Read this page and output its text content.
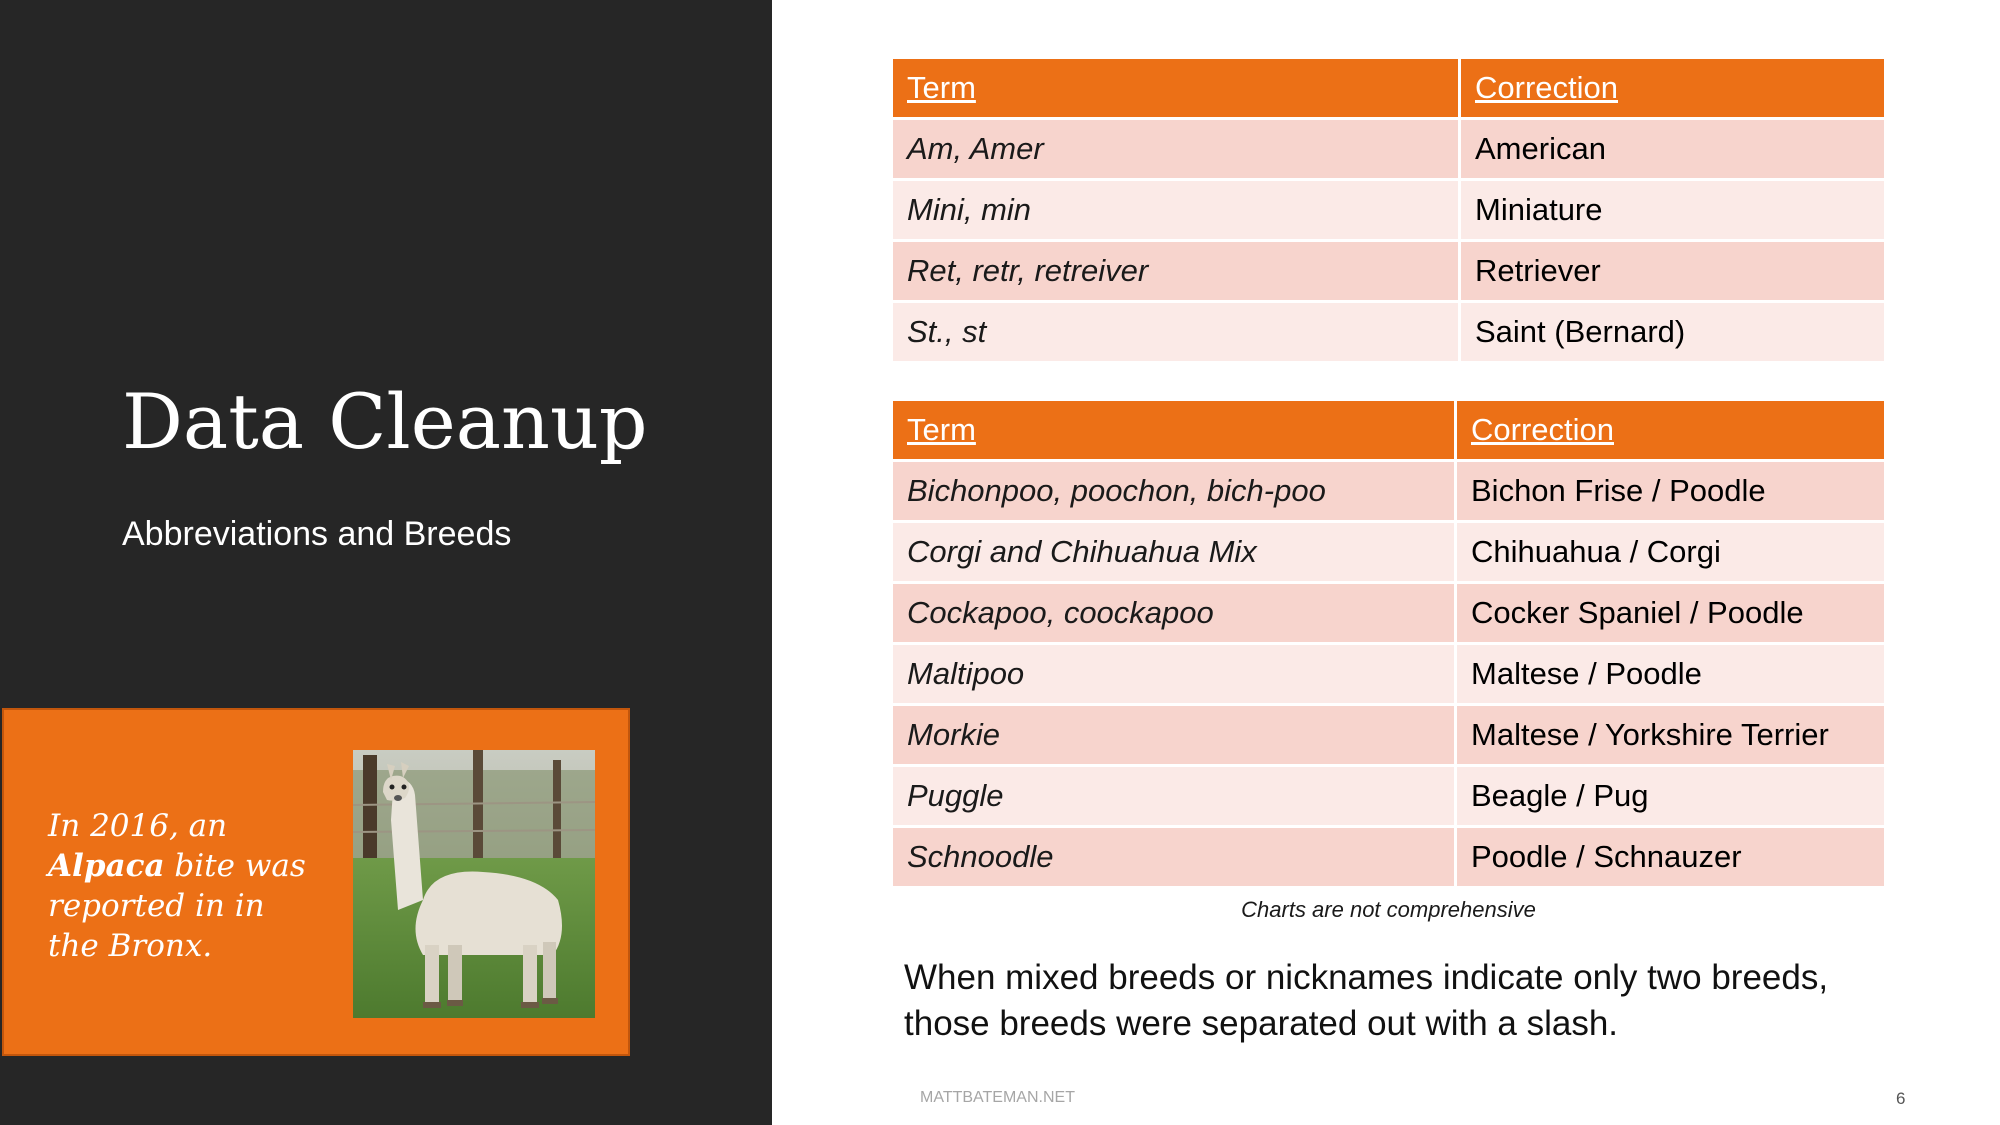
Data Cleanup

Abbreviations and Breeds

In 2016, an Alpaca bite was reported in in the Bronx.

Term	Correction
Am, Amer	American
Mini, min	Miniature
Ret, retr, retreiver	Retriever
St., st	Saint (Bernard)
Term	Correction
Bichonpoo, poochon, bich-poo	Bichon Frise / Poodle
Corgi and Chihuahua Mix	Chihuahua / Corgi
Cockapoo, coockapoo	Cocker Spaniel / Poodle
Maltipoo	Maltese / Poodle
Morkie	Maltese / Yorkshire Terrier
Puggle	Beagle / Pug
Schnoodle	Poodle / Schnauzer

Charts are not comprehensive

When mixed breeds or nicknames indicate only two breeds, those breeds were separated out with a slash.

MATTBATEMAN.NET	6
